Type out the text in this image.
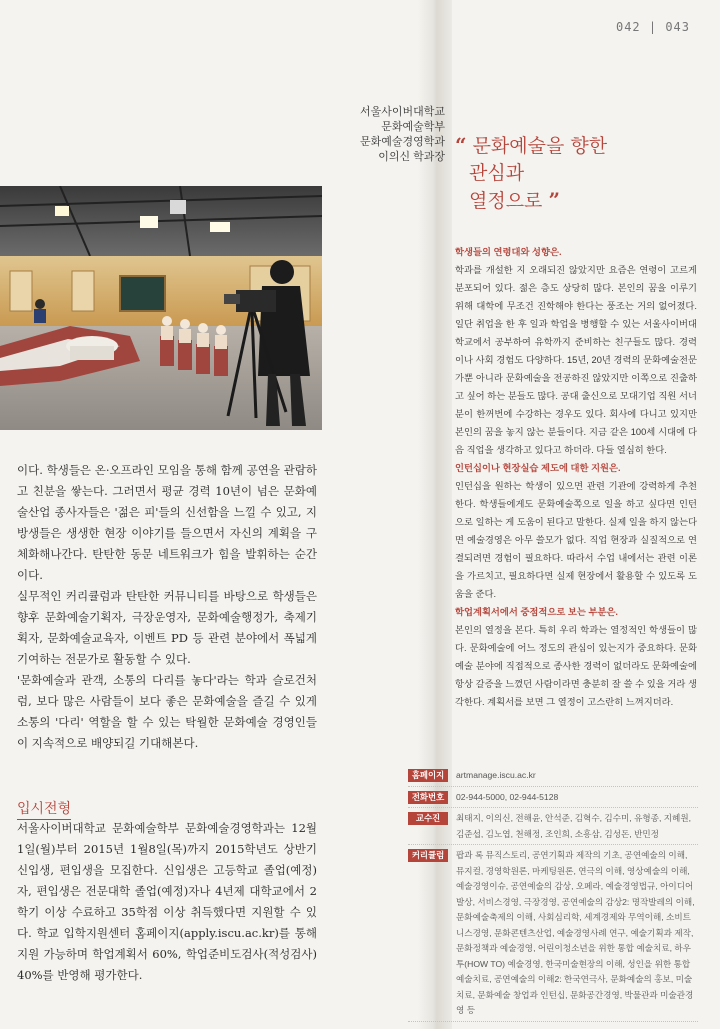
042 | 043
서울사이버대학교
문화예술학부
문화예술경영학과
이의신 학과장 “ 문화예술을 향한
관심과
열정으로 ”

이다. 학생들은 온·오프라인 모임을 통해 함께 공연을 관람하고 친분을 쌓는다. 그러면서 평균 경력 10년이 넘은 문화예술산업 종사자들은 '젊은 피'들의 신선함을 느낄 수 있고, 지방생들은 생생한 현장 이야기를 들으면서 자신의 계획을 구체화해나간다. 탄탄한 동문 네트워크가 힘을 발휘하는 순간이다.

실무적인 커리큘럼과 탄탄한 커뮤니티를 바탕으로 학생들은 향후 문화예술기획자, 극장운영자, 문화예술행정가, 축제기획자, 문화예술교육자, 이벤트 PD 등 관련 분야에서 폭넓게 기여하는 전문가로 활동할 수 있다.

'문화예술과 관객, 소통의 다리를 놓다'라는 학과 슬로건처럼, 보다 많은 사람들이 보다 좋은 문화예술을 즐길 수 있게 소통의 '다리' 역할을 할 수 있는 탁월한 문화예술 경영인들이 지속적으로 배양되길 기대해본다.

입시전형

서울사이버대학교 문화예술학부 문화예술경영학과는 12월 1일(월)부터 2015년 1월8일(목)까지 2015학년도 상반기 신입생, 편입생을 모집한다. 신입생은 고등학교 졸업(예정)자, 편입생은 전문대학 졸업(예정)자나 4년제 대학교에서 2학기 이상 수료하고 35학점 이상 취득했다면 지원할 수 있다. 학교 입학지원센터 홈페이지(apply.iscu.ac.kr)를 통해 지원 가능하며 학업계획서 60%, 학업준비도검사(적성검사) 40%를 반영해 평가한다.

학생들의 연령대와 성향은.

학과를 개설한 지 오래되진 않았지만 요즘은 연령이 고르게 분포되어 있다. 젊은 층도 상당히 많다. 본인의 꿈을 이루기 위해 대학에 무조건 진학해야 한다는 풍조는 거의 없어졌다. 일단 취업을 한 후 일과 학업을 병행할 수 있는 서울사이버대학교에서 공부하여 유학까지 준비하는 친구들도 많다. 경력이나 사회 경험도 다양하다. 15년, 20년 경력의 문화예술전문가뿐 아니라 문화예술을 전공하진 않았지만 이쪽으로 진출하고 싶어 하는 분들도 많다. 공대 출신으로 모대기업 직원 서너분이 한꺼번에 수강하는 경우도 있다. 회사에 다니고 있지만 본인의 꿈을 놓지 않는 분들이다. 지금 같은 100세 시대에 다음 직업을 생각하고 있다고 하더라. 다들 열심히 한다.

인턴십이나 현장실습 제도에 대한 지원은.

인턴십을 원하는 학생이 있으면 관련 기관에 강력하게 추천한다. 학생들에게도 문화예술쪽으로 일을 하고 싶다면 인턴으로 일하는 게 도움이 된다고 말한다. 실제 일을 하지 않는다면 예술경영은 아무 쓸모가 없다. 직업 현장과 실질적으로 연결되려면 경험이 필요하다. 따라서 수업 내에서는 관련 이론을 가르치고, 필요하다면 실제 현장에서 활용할 수 있도록 도움을 준다.

학업계획서에서 중점적으로 보는 부분은.

본인의 열정을 본다. 특히 우리 학과는 열정적인 학생들이 많다. 문화예술에 어느 정도의 관심이 있는지가 중요하다. 문화예술 분야에 직접적으로 종사한 경력이 없더라도 문화예술에 항상 갈증을 느꼈던 사람이라면 충분히 잘 쓸 수 있을 거라 생각한다. 계획서를 보면 그 열정이 고스란히 느껴지더라.

홈페이지	artmanage.iscu.ac.kr
전화번호	02-944-5000, 02-944-5128
교수진	최태지, 이의신, 전해윤, 안석준, 김혁수, 김수미, 유형종, 지혜원, 김준섭, 김노엽, 천해정, 조인희, 소흥삼, 김성돈, 반민정
커리큘럼	팝과 록 뮤직스토리, 공연기획과 제작의 기초, 공연예술의 이해, 뮤지컬, 경영학원론, 마케팅원론, 연극의 이해, 영상예술의 이해, 예술경영이슈, 공연예술의 감상, 오페라, 예술경영법규, 아이디어발상, 서비스경영, 극장경영, 공연예술의 감상2: 명작발레의 이해, 문화예술축제의 이해, 사회심리학, 세계경제와 무역이해, 소비트니스경영, 문화콘텐츠산업, 예술경영사례 연구, 예술기획과 제작, 문화정책과 예술경영, 어린이청소년을 위한 통합 예술치료, 하우투(HOW TO) 예술경영, 한국미술현장의 이해, 성인을 위한 통합예술치료, 공연예술의 이해2: 한국연극사, 문화예술의 홍보, 미술치료, 문화예술 창업과 인턴십, 문화공간경영, 박물관과 미술관경영 등
